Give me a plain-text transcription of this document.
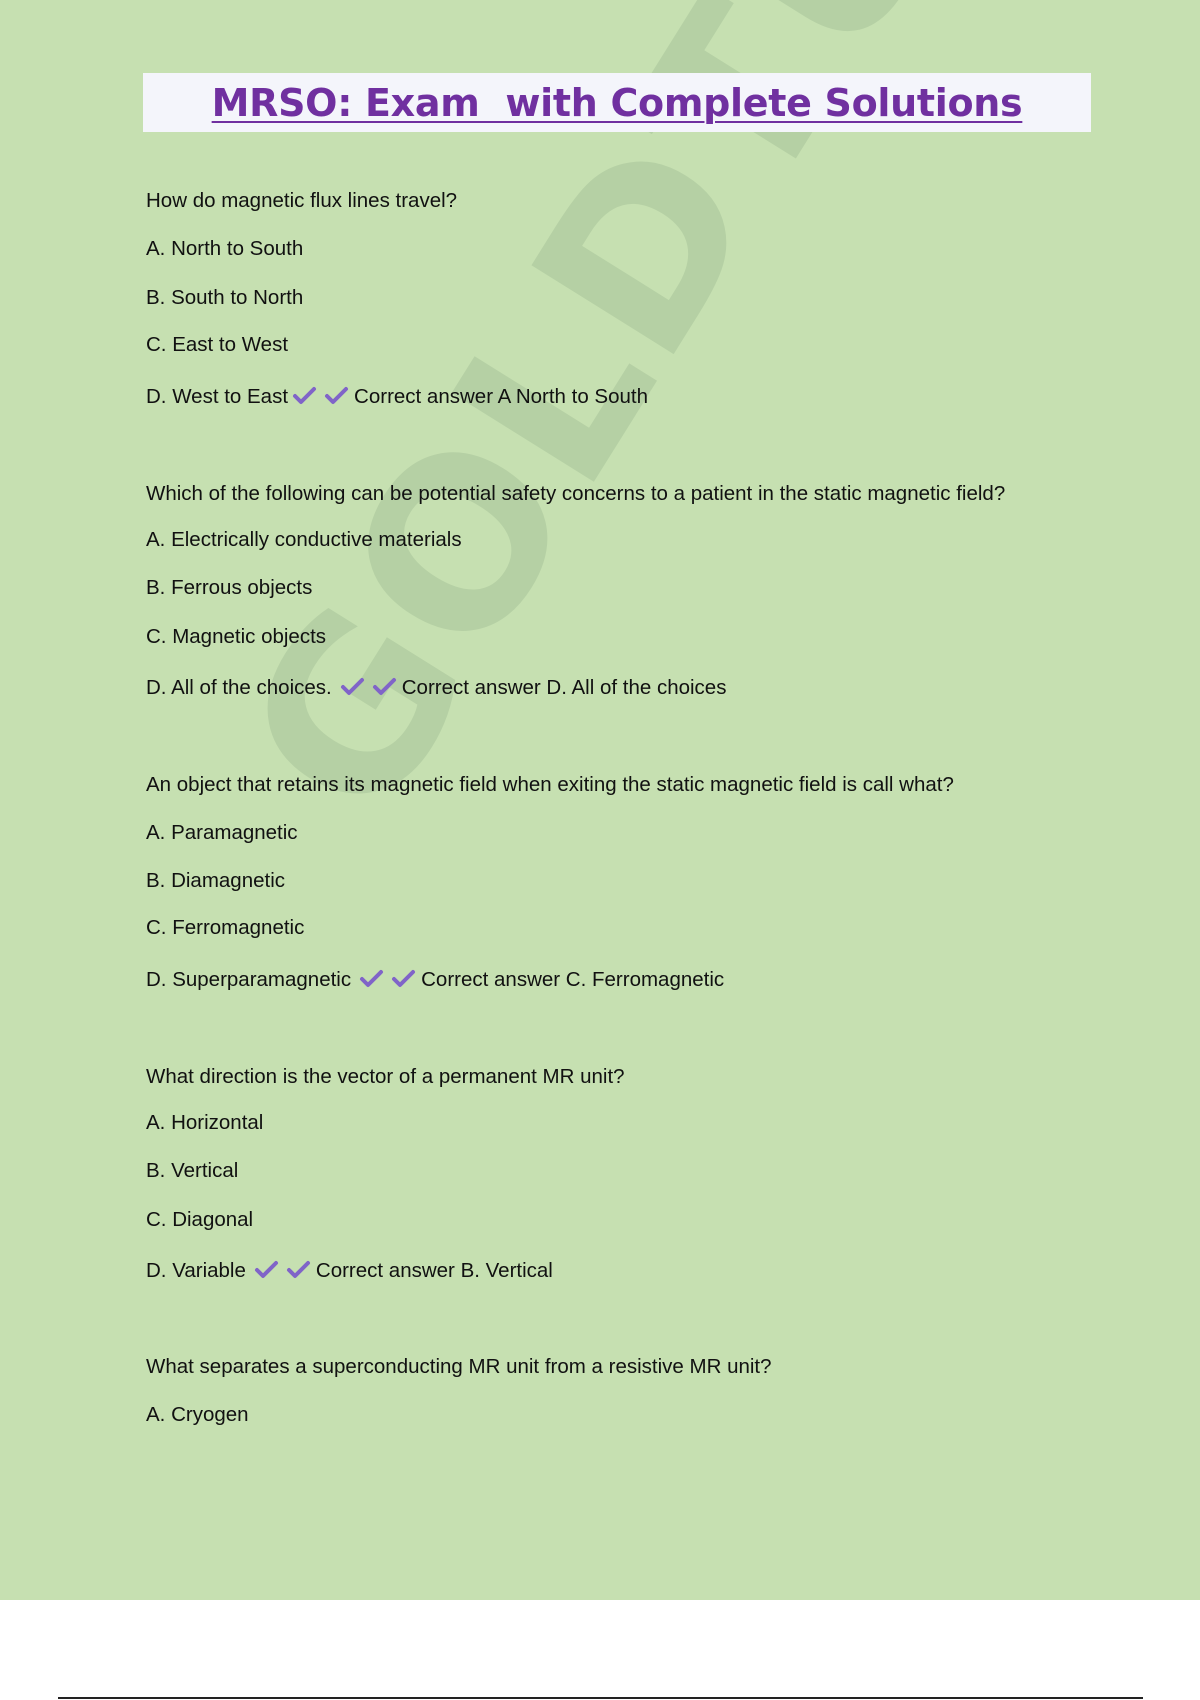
MRSO: Exam  with Complete Solutions
How do magnetic flux lines travel?
A. North to South
B. South to North
C. East to West
D. West to East	Correct answer A North to South
Which of the following can be potential safety concerns to a patient in the static magnetic field?
A. Electrically conductive materials
B. Ferrous objects
C. Magnetic objects
D. All of the choices.	Correct answer D. All of the choices
An object that retains its magnetic field when exiting the static magnetic field is call what?
A. Paramagnetic
B. Diamagnetic
C. Ferromagnetic
D. Superparamagnetic	Correct answer C. Ferromagnetic
What direction is the vector of a permanent MR unit?
A. Horizontal
B. Vertical
C. Diagonal
D. Variable	Correct answer B. Vertical
What separates a superconducting MR unit from a resistive MR unit?
A. Cryogen
